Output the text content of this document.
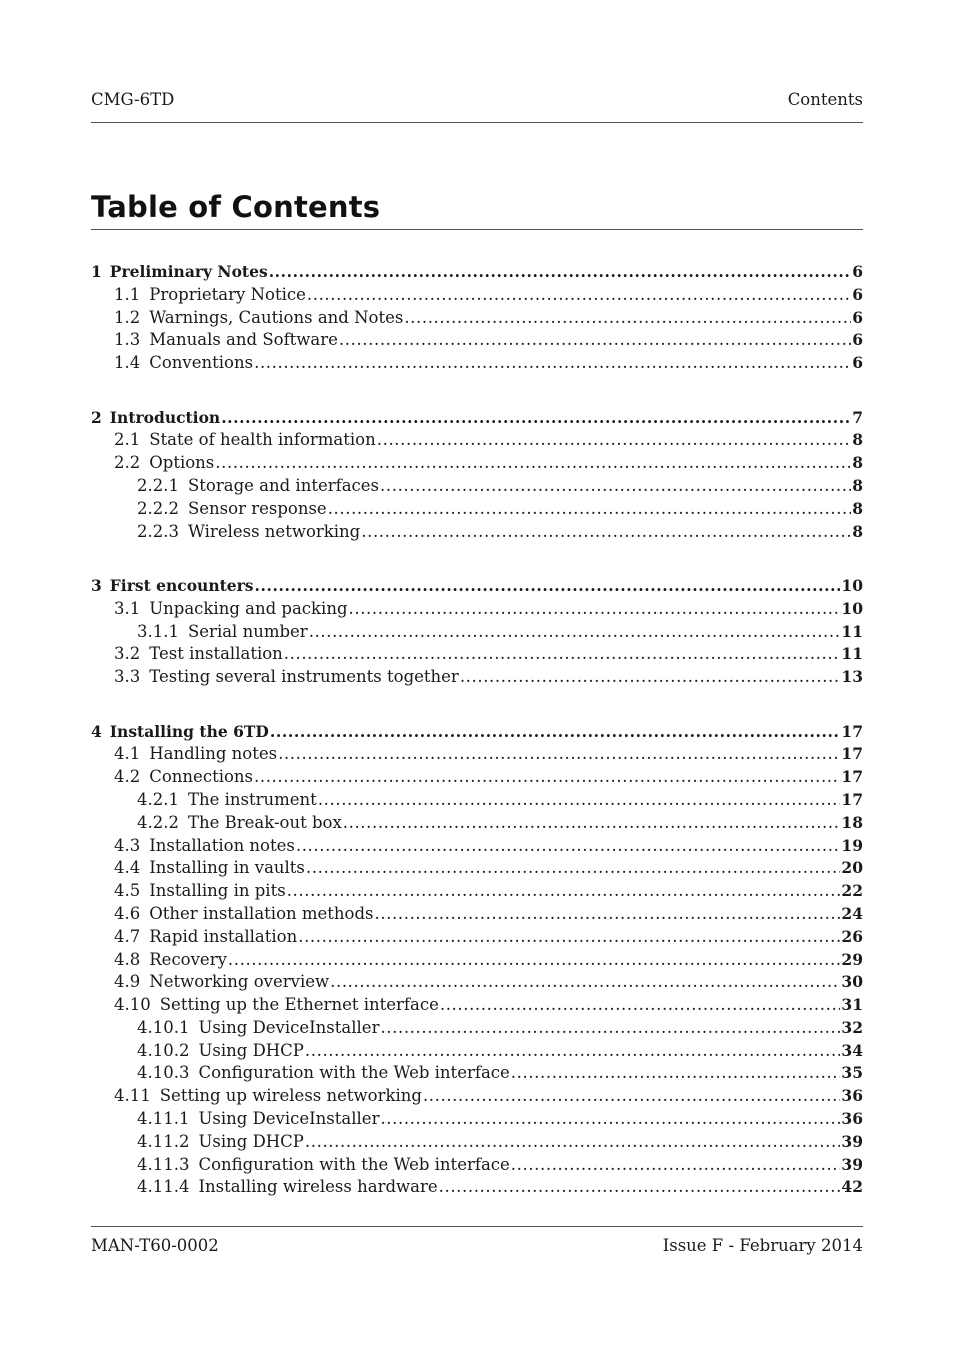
CMG-6TD	Contents
Table of Contents
1 Preliminary Notes .....	6
1.1 Proprietary Notice .....	6
1.2 Warnings, Cautions and Notes .....	6
1.3 Manuals and Software .....	6
1.4 Conventions .....	6
2 Introduction .....	7
2.1 State of health information .....	8
2.2 Options .....	8
2.2.1 Storage and interfaces .....	8
2.2.2 Sensor response .....	8
2.2.3 Wireless networking .....	8
3 First encounters .....	10
3.1 Unpacking and packing .....	10
3.1.1 Serial number .....	11
3.2 Test installation .....	11
3.3 Testing several instruments together .....	13
4 Installing the 6TD .....	17
4.1 Handling notes .....	17
4.2 Connections .....	17
4.2.1 The instrument .....	17
4.2.2 The Break-out box .....	18
4.3 Installation notes .....	19
4.4 Installing in vaults .....	20
4.5 Installing in pits .....	22
4.6 Other installation methods .....	24
4.7 Rapid installation .....	26
4.8 Recovery .....	29
4.9 Networking overview .....	30
4.10 Setting up the Ethernet interface .....	31
4.10.1 Using DeviceInstaller .....	32
4.10.2 Using DHCP .....	34
4.10.3 Configuration with the Web interface .....	35
4.11 Setting up wireless networking .....	36
4.11.1 Using DeviceInstaller .....	36
4.11.2 Using DHCP .....	39
4.11.3 Configuration with the Web interface .....	39
4.11.4 Installing wireless hardware .....	42
MAN-T60-0002	Issue F - February 2014
